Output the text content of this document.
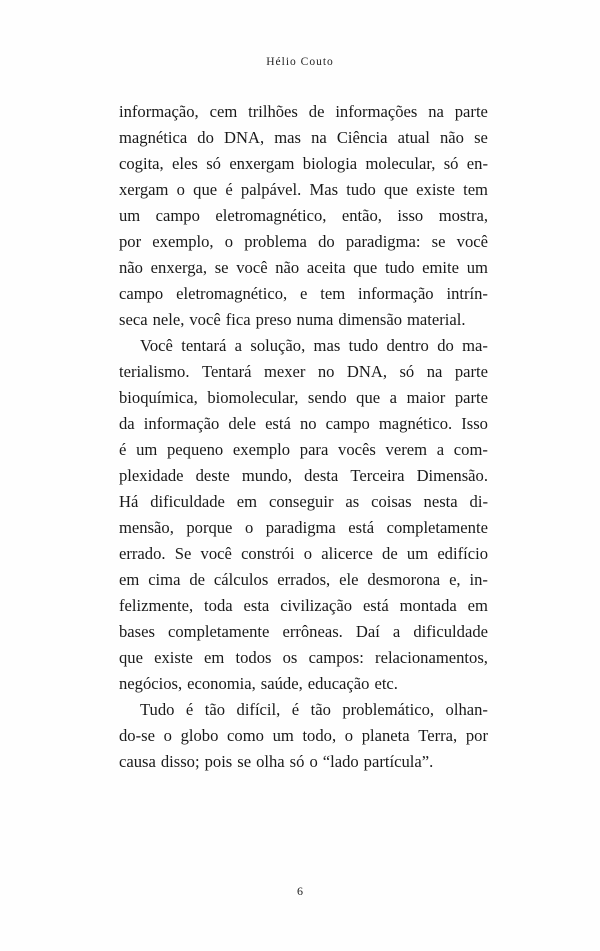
Hélio Couto
informação, cem trilhões de informações na parte
magnética do DNA, mas na Ciência atual não se
cogita, eles só enxergam biologia molecular, só en-
xergam o que é palpável. Mas tudo que existe tem
um campo eletromagnético, então, isso mostra,
por exemplo, o problema do paradigma: se você
não enxerga, se você não aceita que tudo emite um
campo eletromagnético, e tem informação intrín-
seca nele, você fica preso numa dimensão material.
Você tentará a solução, mas tudo dentro do ma-
terialismo. Tentará mexer no DNA, só na parte
bioquímica, biomolecular, sendo que a maior parte
da informação dele está no campo magnético. Isso
é um pequeno exemplo para vocês verem a com-
plexidade deste mundo, desta Terceira Dimensão.
Há dificuldade em conseguir as coisas nesta di-
mensão, porque o paradigma está completamente
errado. Se você constrói o alicerce de um edifício
em cima de cálculos errados, ele desmorona e, in-
felizmente, toda esta civilização está montada em
bases completamente errôneas. Daí a dificuldade
que existe em todos os campos: relacionamentos,
negócios, economia, saúde, educação etc.
Tudo é tão difícil, é tão problemático, olhan-
do-se o globo como um todo, o planeta Terra, por
causa disso; pois se olha só o “lado partícula”.
6
